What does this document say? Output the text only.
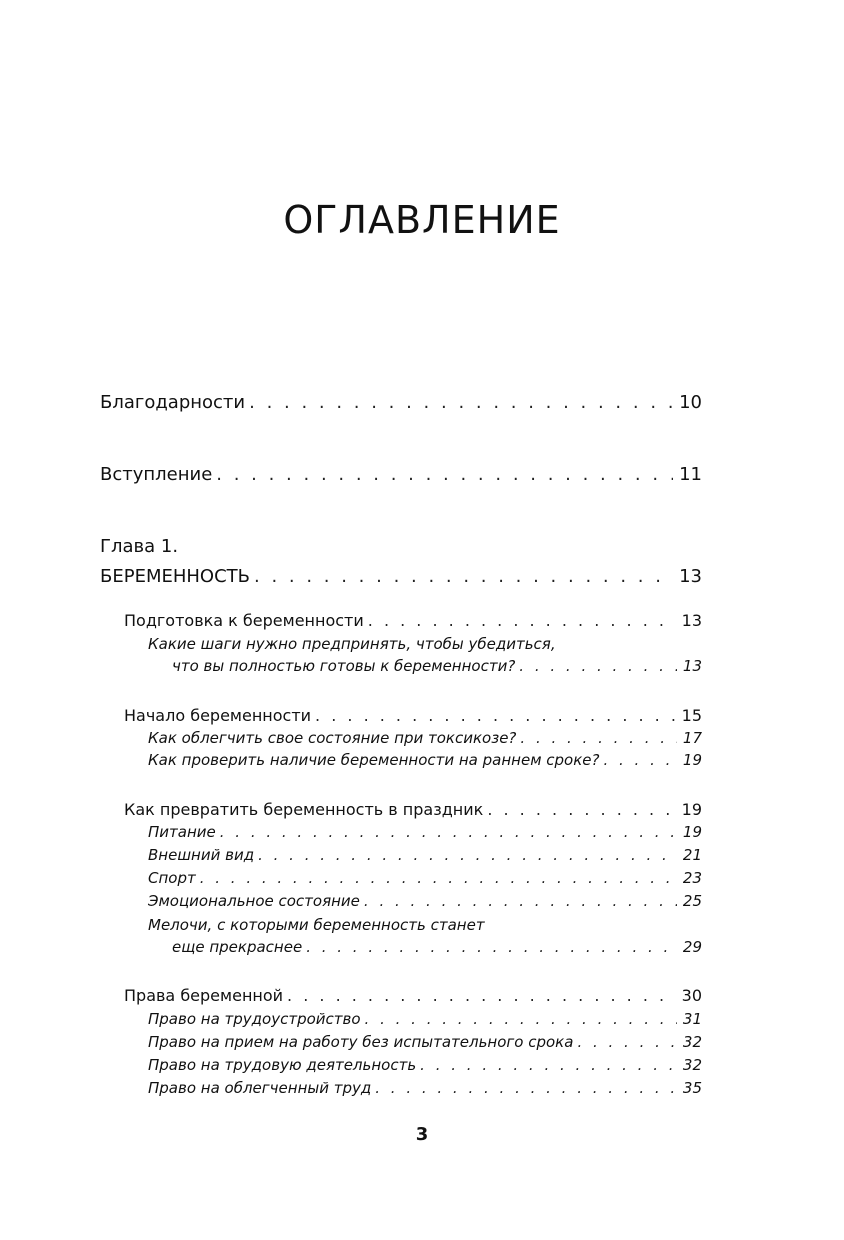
ОГЛАВЛЕНИЕ
Благодарности . . .	10
Вступление . . .	11
Глава 1.
БЕРЕМЕННОСТЬ . . .	13
Подготовка к беременности . . .	13
Какие шаги нужно предпринять, чтобы убедиться,
что вы полностью готовы к беременности? . . .	13
Начало беременности . . .	15
Как облегчить свое состояние при токсикозе? . . .	17
Как проверить наличие беременности на раннем сроке? . . .	19
Как превратить беременность в праздник . . .	19
Питание . . .	19
Внешний вид . . .	21
Спорт . . .	23
Эмоциональное состояние . . .	25
Мелочи, с которыми беременность станет
еще прекраснее . . .	29
Права беременной . . .	30
Право на трудоустройство . . .	31
Право на прием на работу без испытательного срока . . .	32
Право на трудовую деятельность . . .	32
Право на облегченный труд . . .	35
3
